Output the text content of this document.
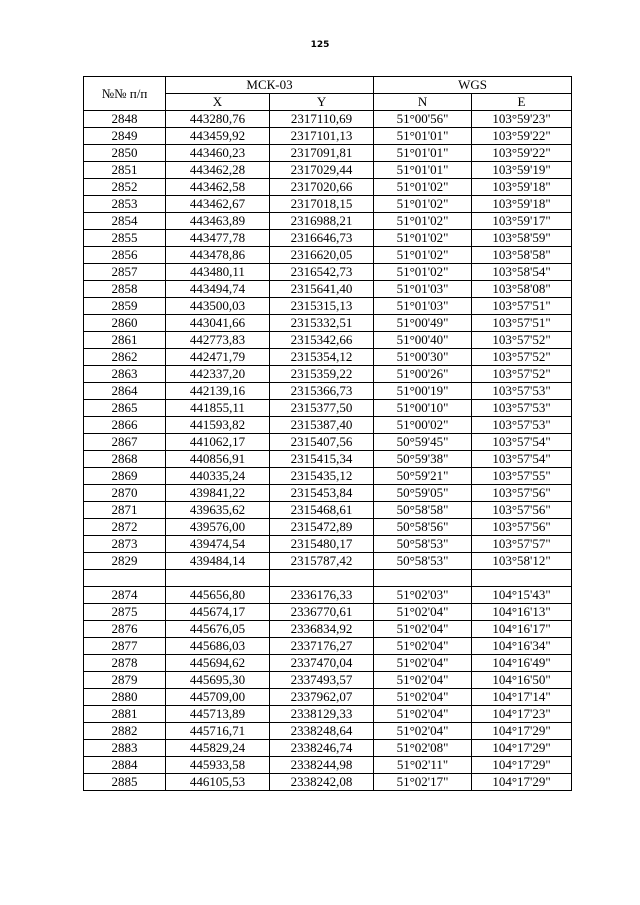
125
№№ п/п	МСК-03		WGS	
	X	Y	N	E
2848	443280,76	2317110,69	51°00'56"	103°59'23"
2849	443459,92	2317101,13	51°01'01"	103°59'22"
2850	443460,23	2317091,81	51°01'01"	103°59'22"
2851	443462,28	2317029,44	51°01'01"	103°59'19"
2852	443462,58	2317020,66	51°01'02"	103°59'18"
2853	443462,67	2317018,15	51°01'02"	103°59'18"
2854	443463,89	2316988,21	51°01'02"	103°59'17"
2855	443477,78	2316646,73	51°01'02"	103°58'59"
2856	443478,86	2316620,05	51°01'02"	103°58'58"
2857	443480,11	2316542,73	51°01'02"	103°58'54"
2858	443494,74	2315641,40	51°01'03"	103°58'08"
2859	443500,03	2315315,13	51°01'03"	103°57'51"
2860	443041,66	2315332,51	51°00'49"	103°57'51"
2861	442773,83	2315342,66	51°00'40"	103°57'52"
2862	442471,79	2315354,12	51°00'30"	103°57'52"
2863	442337,20	2315359,22	51°00'26"	103°57'52"
2864	442139,16	2315366,73	51°00'19"	103°57'53"
2865	441855,11	2315377,50	51°00'10"	103°57'53"
2866	441593,82	2315387,40	51°00'02"	103°57'53"
2867	441062,17	2315407,56	50°59'45"	103°57'54"
2868	440856,91	2315415,34	50°59'38"	103°57'54"
2869	440335,24	2315435,12	50°59'21"	103°57'55"
2870	439841,22	2315453,84	50°59'05"	103°57'56"
2871	439635,62	2315468,61	50°58'58"	103°57'56"
2872	439576,00	2315472,89	50°58'56"	103°57'56"
2873	439474,54	2315480,17	50°58'53"	103°57'57"
2829	439484,14	2315787,42	50°58'53"	103°58'12"

2874	445656,80	2336176,33	51°02'03"	104°15'43"
2875	445674,17	2336770,61	51°02'04"	104°16'13"
2876	445676,05	2336834,92	51°02'04"	104°16'17"
2877	445686,03	2337176,27	51°02'04"	104°16'34"
2878	445694,62	2337470,04	51°02'04"	104°16'49"
2879	445695,30	2337493,57	51°02'04"	104°16'50"
2880	445709,00	2337962,07	51°02'04"	104°17'14"
2881	445713,89	2338129,33	51°02'04"	104°17'23"
2882	445716,71	2338248,64	51°02'04"	104°17'29"
2883	445829,24	2338246,74	51°02'08"	104°17'29"
2884	445933,58	2338244,98	51°02'11"	104°17'29"
2885	446105,53	2338242,08	51°02'17"	104°17'29"
